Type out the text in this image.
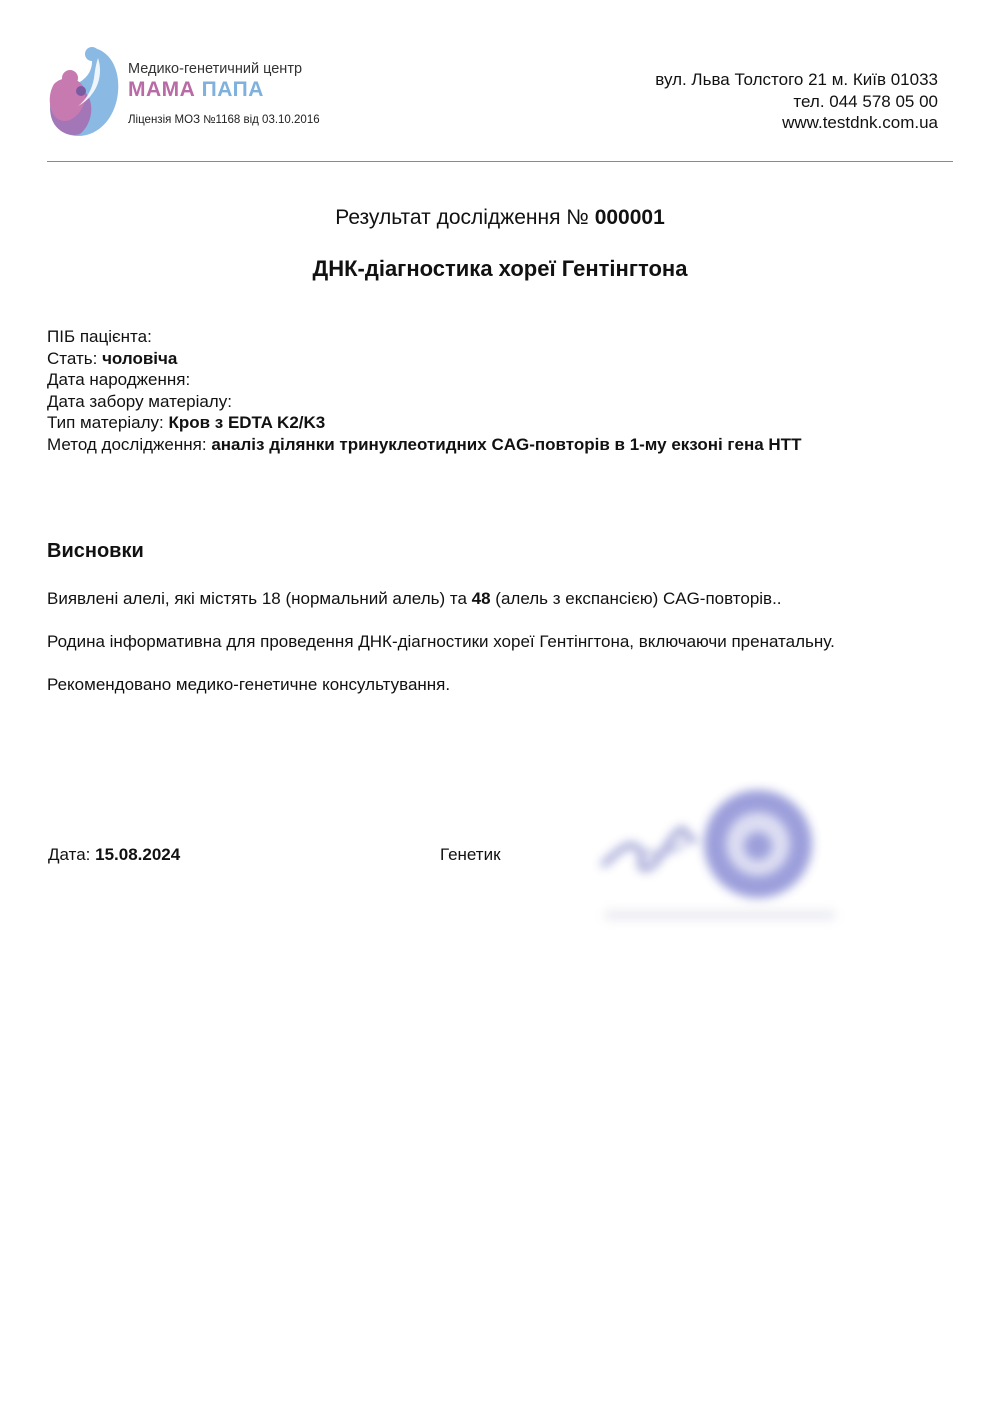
Медико-генетичний центр
МАМА ПАПА
Ліцензія МОЗ №1168 від 03.10.2016
вул. Льва Толстого 21 м. Київ 01033
тел. 044 578 05 00
www.testdnk.com.ua
Результат дослідження № 000001
ДНК-діагностика хореї Гентінгтона
ПІБ пацієнта:
Стать: чоловіча
Дата народження:
Дата забору матеріалу:
Тип матеріалу: Кров з EDTA K2/K3
Метод дослідження: аналіз ділянки тринуклеотидних CAG-повторів в 1-му екзоні гена HTT
Висновки
Виявлені алелі, які містять 18 (нормальний алель) та 48 (алель з експансією) CAG-повторів..
Родина інформативна для проведення ДНК-діагностики хореї Гентінгтона, включаючи пренатальну.
Рекомендовано медико-генетичне консультування.
Дата: 15.08.2024	Генетик
